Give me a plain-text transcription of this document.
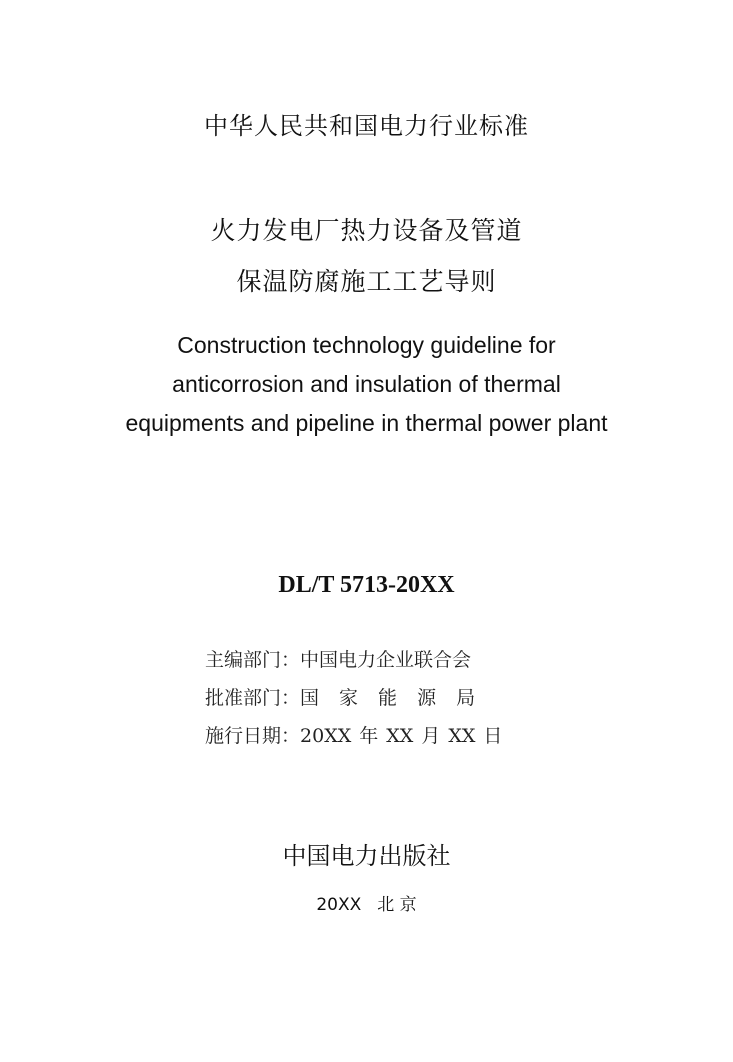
中华人民共和国电力行业标准
火力发电厂热力设备及管道
保温防腐施工工艺导则
Construction technology guideline for
anticorrosion and insulation of thermal
equipments and pipeline in thermal power plant
DL/T 5713-20XX
主编部门：中国电力企业联合会
批准部门：国 家 能 源 局
施行日期：20XX 年 XX 月 XX 日
中国电力出版社
20XX 北 京
